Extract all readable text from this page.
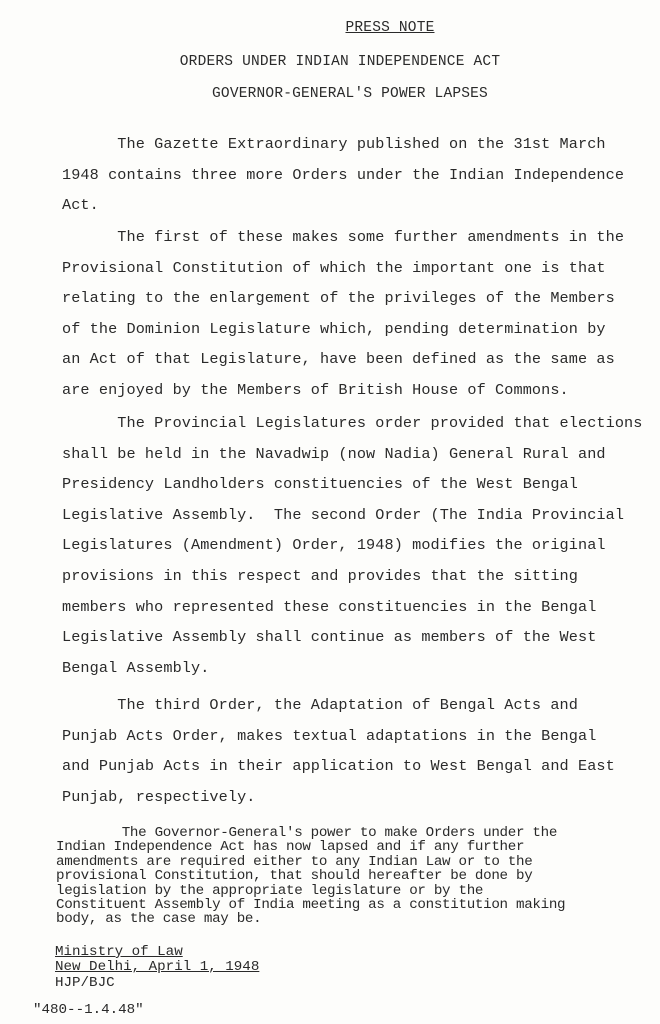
PRESS NOTE
ORDERS UNDER INDIAN INDEPENDENCE ACT
GOVERNOR-GENERAL'S POWER LAPSES
The Gazette Extraordinary published on the 31st March
1948 contains three more Orders under the Indian Independence
Act.
The first of these makes some further amendments in the
Provisional Constitution of which the important one is that
relating to the enlargement of the privileges of the Members
of the Dominion Legislature which, pending determination by
an Act of that Legislature, have been defined as the same as
are enjoyed by the Members of British House of Commons.
The Provincial Legislatures order provided that elections
shall be held in the Navadwip (now Nadia) General Rural and
Presidency Landholders constituencies of the West Bengal
Legislative Assembly.  The second Order (The India Provincial
Legislatures (Amendment) Order, 1948) modifies the original
provisions in this respect and provides that the sitting
members who represented these constituencies in the Bengal
Legislative Assembly shall continue as members of the West
Bengal Assembly.
The third Order, the Adaptation of Bengal Acts and
Punjab Acts Order, makes textual adaptations in the Bengal
and Punjab Acts in their application to West Bengal and East
Punjab, respectively.
The Governor-General's power to make Orders under the
Indian Independence Act has now lapsed and if any further
amendments are required either to any Indian Law or to the
provisional Constitution, that should hereafter be done by
legislation by the appropriate legislature or by the
Constituent Assembly of India meeting as a constitution making
body, as the case may be.
Ministry of Law
New Delhi, April 1, 1948
HJP/BJC
"480--1.4.48"
